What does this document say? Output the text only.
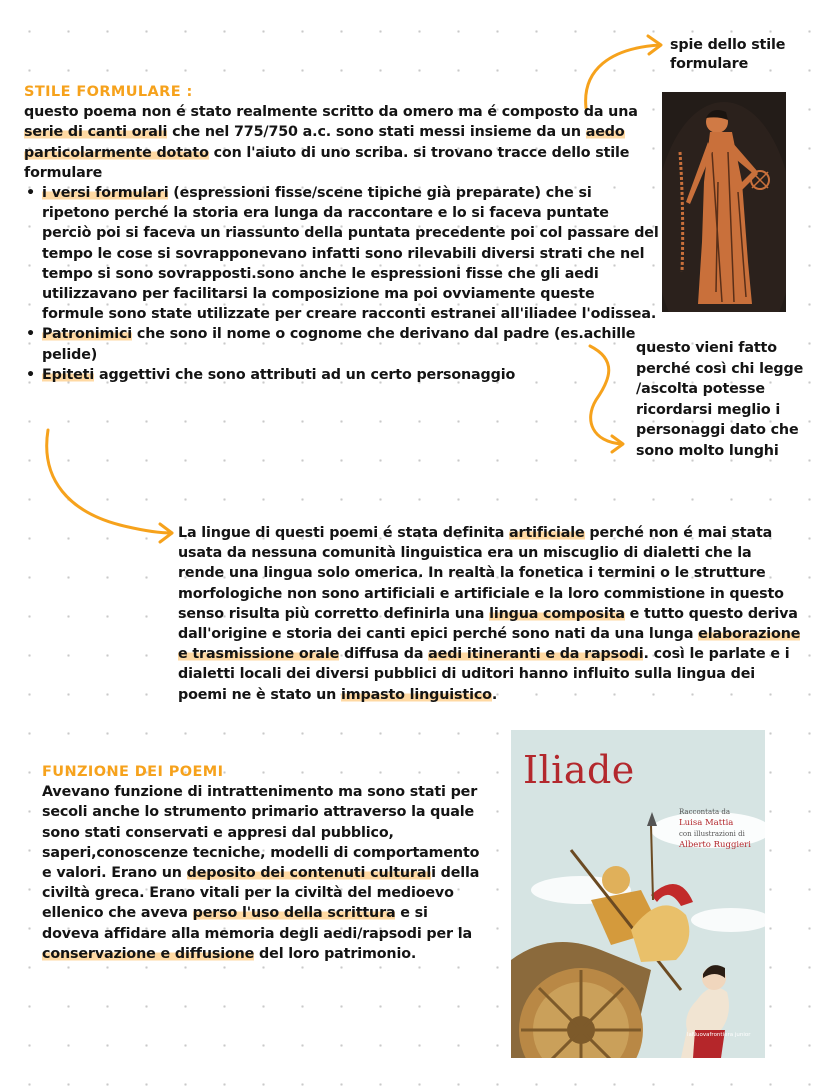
spie dello stile formulare
STILE FORMULARE :
questo poema non é stato realmente scritto da omero ma é composto da una serie di canti orali che nel 775/750 a.c. sono stati messi insieme da un aedo particolarmente dotato con l'aiuto di uno scriba. si trovano tracce dello stile formulare
• i versi formulari (espressioni fisse/scene tipiche già preparate) che si ripetono perché la storia era lunga da raccontare e lo si faceva puntate perciò poi si faceva un riassunto della puntata precedente poi col passare del tempo le cose si sovrapponevano infatti sono rilevabili diversi strati che nel tempo si sono sovrapposti.sono anche le espressioni fisse che gli aedi utilizzavano per facilitarsi la composizione ma poi ovviamente queste formule sono state utilizzate per creare racconti estranei all'iliadee l'odissea.
• Patronimici che sono il nome o cognome che derivano dal padre (es.achille pelide)
• Epiteti aggettivi che sono attributi ad un certo personaggio
questo vieni fatto perché così chi legge /ascolta potesse ricordarsi meglio i personaggi dato che sono molto lunghi
La lingue di questi poemi é stata definita artificiale perché non é mai stata usata da nessuna comunità linguistica era un miscuglio di dialetti che la rende una lingua solo omerica. In realtà la fonetica i termini o le strutture morfologiche non sono artificiali e artificiale e la loro commistione in questo senso risulta più corretto definirla una lingua composita e tutto questo deriva dall'origine e storia dei canti epici perché sono nati da una lunga elaborazione e trasmissione orale diffusa da aedi itineranti e da rapsodi. così le parlate e i dialetti locali dei diversi pubblici di uditori hanno influito sulla lingua dei poemi ne è stato un impasto linguistico.
FUNZIONE DEI POEMI
Avevano funzione di intrattenimento ma sono stati per secoli anche lo strumento primario attraverso la quale sono stati conservati e appresi dal pubblico, saperi,conoscenze tecniche, modelli di comportamento e valori. Erano un deposito dei contenuti culturali della civiltà greca. Erano vitali per la civiltà del medioevo ellenico che aveva perso l'uso della scrittura e si doveva affidare alla memoria degli aedi/rapsodi per la conservazione e diffusione del loro patrimonio.
Iliade
Raccontata da
Luisa Mattia
con illustrazioni di
Alberto Ruggieri
laNuovafrontiera junior
